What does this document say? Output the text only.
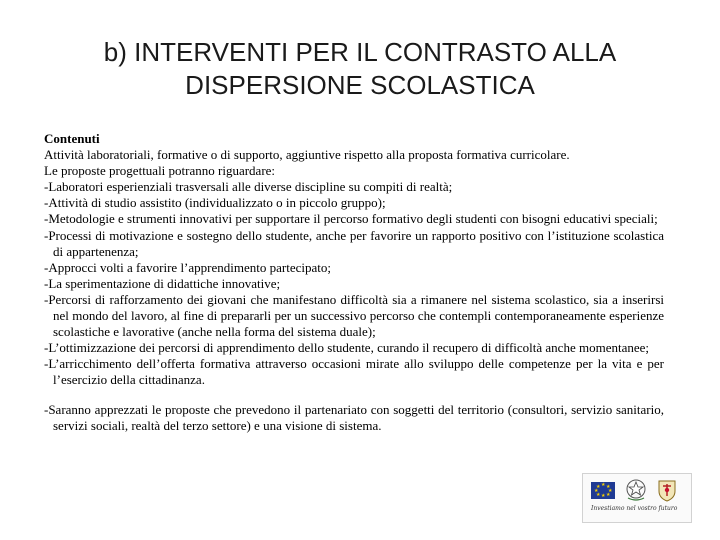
b) INTERVENTI PER IL CONTRASTO ALLA
DISPERSIONE SCOLASTICA

Contenuti

Attività laboratoriali, formative o di supporto, aggiuntive rispetto alla proposta formativa curricolare.

Le proposte progettuali potranno riguardare:

-Laboratori esperienziali trasversali alle diverse discipline su compiti di realtà;

-Attività di studio assistito (individualizzato o in piccolo gruppo);

-Metodologie e strumenti innovativi per supportare il percorso formativo degli studenti con bisogni educativi speciali;

-Processi di motivazione e sostegno dello studente, anche per favorire un rapporto positivo con l’istituzione scolastica di appartenenza;

-Approcci volti a favorire l’apprendimento partecipato;

-La sperimentazione di didattiche innovative;

-Percorsi di rafforzamento dei giovani che manifestano difficoltà sia a rimanere nel sistema scolastico, sia a inserirsi nel mondo del lavoro, al fine di prepararli per un successivo percorso che contempli contemporaneamente esperienze scolastiche e lavorative (anche nella forma del sistema duale);

-L’ottimizzazione dei percorsi di apprendimento dello studente, curando il recupero di difficoltà anche momentanee;

-L’arricchimento dell’offerta formativa attraverso occasioni mirate allo sviluppo delle competenze per la vita e per l’esercizio della cittadinanza.

-Saranno apprezzati le proposte che prevedono il partenariato con soggetti del territorio (consultori, servizio sanitario, servizi sociali, realtà del terzo settore) e una visione di sistema.

★ ★
★
★
★
★
★
★
Investiamo nel vostro futuro
